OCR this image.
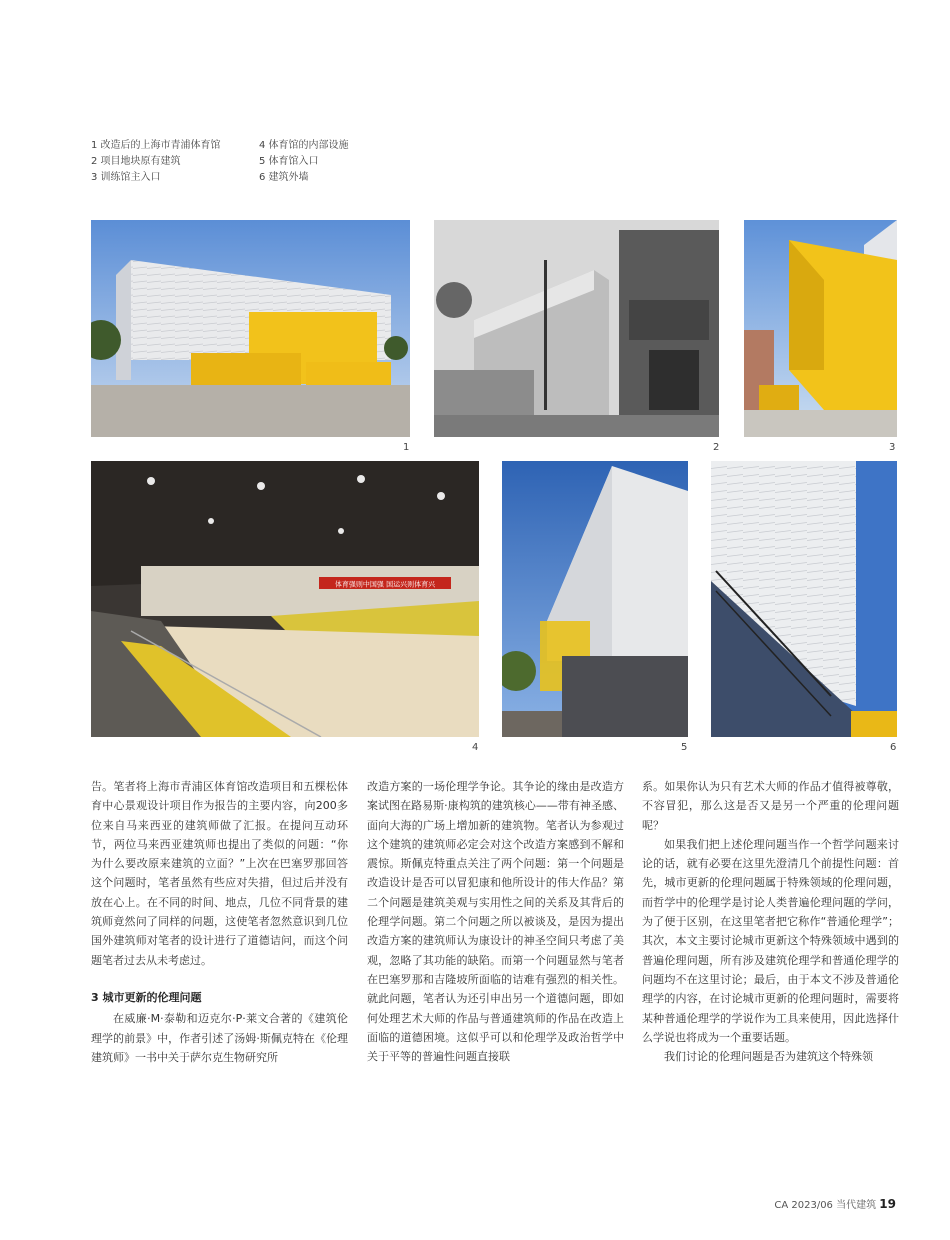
1 改造后的上海市青浦体育馆
2 项目地块原有建筑
3 训练馆主入口
4 体育馆的内部设施
5 体育馆入口
6 建筑外墙
1	2	3
体育强则中国强 国运兴则体育兴
4	5	6

告。笔者将上海市青浦区体育馆改造项目和五棵松体育中心景观设计项目作为报告的主要内容，向200多位来自马来西亚的建筑师做了汇报。在提问互动环节，两位马来西亚建筑师也提出了类似的问题：“你为什么要改原来建筑的立面？”上次在巴塞罗那回答这个问题时，笔者虽然有些应对失措，但过后并没有放在心上。在不同的时间、地点，几位不同背景的建筑师竟然问了同样的问题，这使笔者忽然意识到几位国外建筑师对笔者的设计进行了道德诘问，而这个问题笔者过去从未考虑过。

3 城市更新的伦理问题

在威廉·M·泰勒和迈克尔·P·莱文合著的《建筑伦理学的前景》中，作者引述了汤姆·斯佩克特在《伦理建筑师》一书中关于萨尔克生物研究所

改造方案的一场伦理学争论。其争论的缘由是改造方案试图在路易斯·康构筑的建筑核心——带有神圣感、面向大海的广场上增加新的建筑物。笔者认为参观过这个建筑的建筑师必定会对这个改造方案感到不解和震惊。斯佩克特重点关注了两个问题：第一个问题是改造设计是否可以冒犯康和他所设计的伟大作品？第二个问题是建筑美观与实用性之间的关系及其背后的伦理学问题。第二个问题之所以被谈及，是因为提出改造方案的建筑师认为康设计的神圣空间只考虑了美观，忽略了其功能的缺陷。而第一个问题显然与笔者在巴塞罗那和吉隆坡所面临的诘难有强烈的相关性。就此问题，笔者认为还引申出另一个道德问题，即如何处理艺术大师的作品与普通建筑师的作品在改造上面临的道德困境。这似乎可以和伦理学及政治哲学中关于平等的普遍性问题直接联

系。如果你认为只有艺术大师的作品才值得被尊敬，不容冒犯，那么这是否又是另一个严重的伦理问题呢？

如果我们把上述伦理问题当作一个哲学问题来讨论的话，就有必要在这里先澄清几个前提性问题：首先，城市更新的伦理问题属于特殊领域的伦理问题，而哲学中的伦理学是讨论人类普遍伦理问题的学问，为了便于区别，在这里笔者把它称作“普通伦理学”；其次，本文主要讨论城市更新这个特殊领域中遇到的普遍伦理问题，所有涉及建筑伦理学和普通伦理学的问题均不在这里讨论；最后，由于本文不涉及普通伦理学的内容，在讨论城市更新的伦理问题时，需要将某种普通伦理学的学说作为工具来使用，因此选择什么学说也将成为一个重要话题。

我们讨论的伦理问题是否为建筑这个特殊领

CA 2023/06 当代建筑 19
